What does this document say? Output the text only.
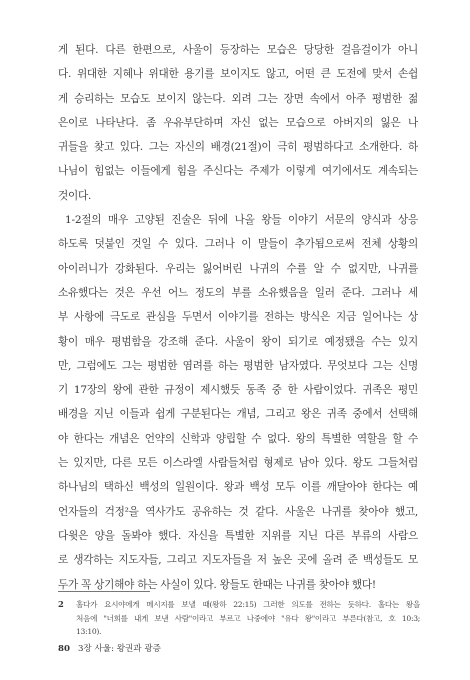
게 된다. 다른 한편으로, 사울이 등장하는 모습은 당당한 걸음걸이가 아니
다. 위대한 지혜나 위대한 용기를 보이지도 않고, 어떤 큰 도전에 맞서 손쉽
게 승리하는 모습도 보이지 않는다. 외려 그는 장면 속에서 아주 평범한 젊
은이로 나타난다. 좀 우유부단하며 자신 없는 모습으로 아버지의 잃은 나
귀들을 찾고 있다. 그는 자신의 배경(21절)이 극히 평범하다고 소개한다. 하
나님이 힘없는 이들에게 힘을 주신다는 주제가 이렇게 여기에서도 계속되는
것이다.
1-2절의 매우 고양된 진술은 뒤에 나올 왕들 이야기 서문의 양식과 상응
하도록 덧붙인 것일 수 있다. 그러나 이 말들이 추가됨으로써 전체 상황의
아이러니가 강화된다. 우리는 잃어버린 나귀의 수를 알 수 없지만, 나귀를
소유했다는 것은 우선 어느 정도의 부를 소유했음을 일러 준다. 그러나 세
부 사항에 극도로 관심을 두면서 이야기를 전하는 방식은 지금 일어나는 상
황이 매우 평범함을 강조해 준다. 사울이 왕이 되기로 예정됐을 수는 있지
만, 그럼에도 그는 평범한 염려를 하는 평범한 남자였다. 무엇보다 그는 신명
기 17장의 왕에 관한 규정이 제시했듯 동족 중 한 사람이었다. 귀족은 평민
배경을 지닌 이들과 쉽게 구분된다는 개념, 그리고 왕은 귀족 중에서 선택해
야 한다는 개념은 언약의 신학과 양립할 수 없다. 왕의 특별한 역할을 할 수
는 있지만, 다른 모든 이스라엘 사람들처럼 형제로 남아 있다. 왕도 그들처럼
하나님의 택하신 백성의 일원이다. 왕과 백성 모두 이를 깨달아야 한다는 예
언자들의 걱정²을 역사가도 공유하는 것 같다. 사울은 나귀를 찾아야 했고,
다윗은 양을 돌봐야 했다. 자신을 특별한 지위를 지닌 다른 부류의 사람으
로 생각하는 지도자들, 그리고 지도자들을 저 높은 곳에 올려 준 백성들도 모
두가 꼭 상기해야 하는 사실이 있다. 왕들도 한때는 나귀를 찾아야 했다!
2 홀다가 요시야에게 메시지를 보낼 때(왕하 22:15) 그러한 의도를 전하는 듯하다. 홀다는 왕을
처음에 "너희를 내게 보낸 사람"이라고 부르고 나중에야 "유다 왕"이라고 부른다(참고, 호 10:3;
13:10).
80 3장 사울: 왕권과 광증
